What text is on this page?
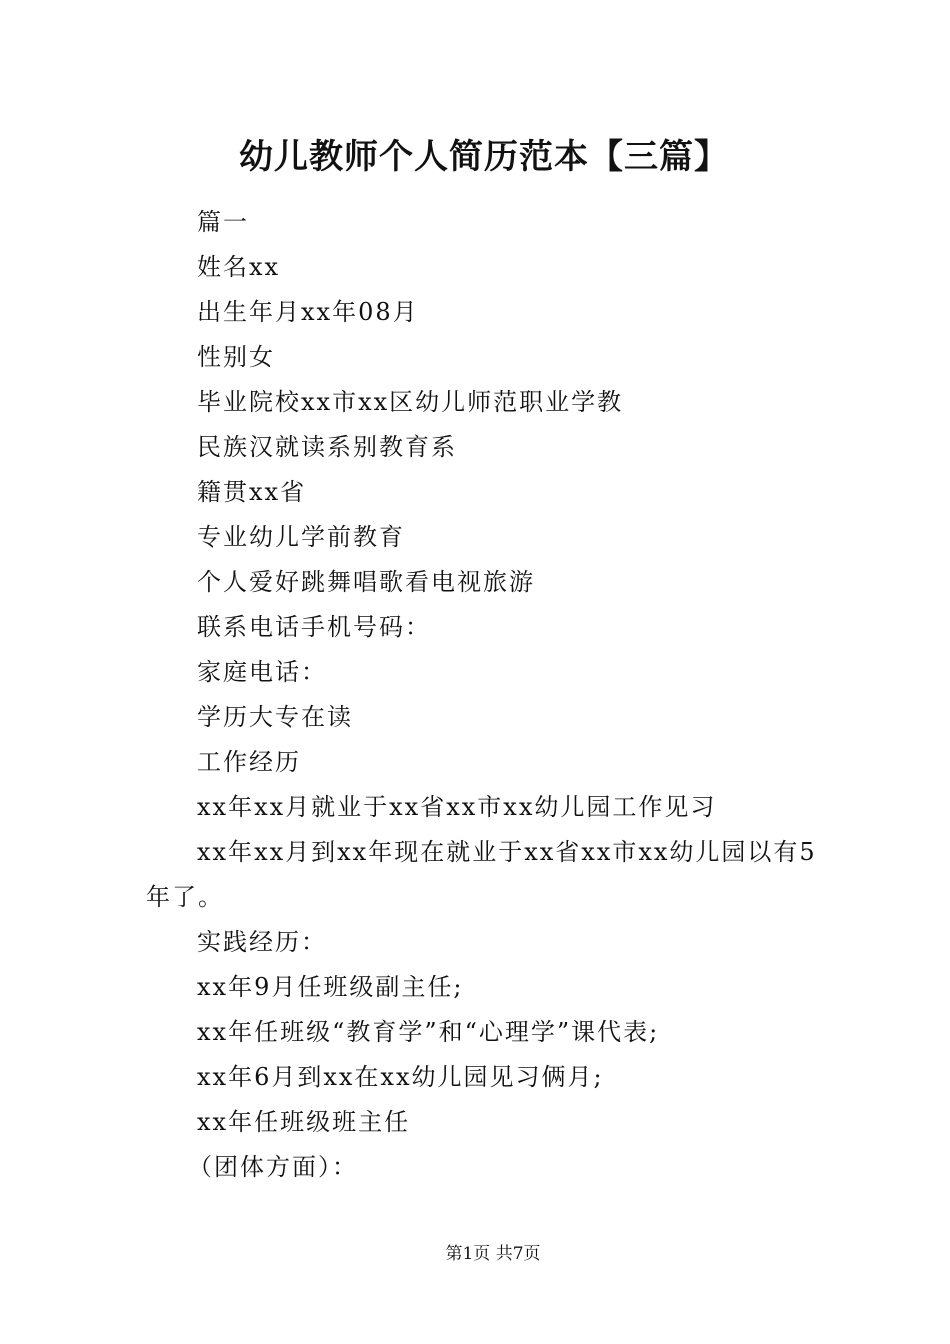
幼儿教师个人简历范本【三篇】

篇一

姓名xx

出生年月xx年08月

性别女

毕业院校xx市xx区幼儿师范职业学教

民族汉就读系别教育系

籍贯xx省

专业幼儿学前教育

个人爱好跳舞唱歌看电视旅游

联系电话手机号码：

家庭电话：

学历大专在读

工作经历

xx年xx月就业于xx省xx市xx幼儿园工作见习

xx年xx月到xx年现在就业于xx省xx市xx幼儿园以有5年了。

实践经历：

xx年9月任班级副主任;

xx年任班级“教育学”和“心理学”课代表;

xx年6月到xx在xx幼儿园见习俩月;

xx年任班级班主任

（团体方面）：

第1页 共7页
